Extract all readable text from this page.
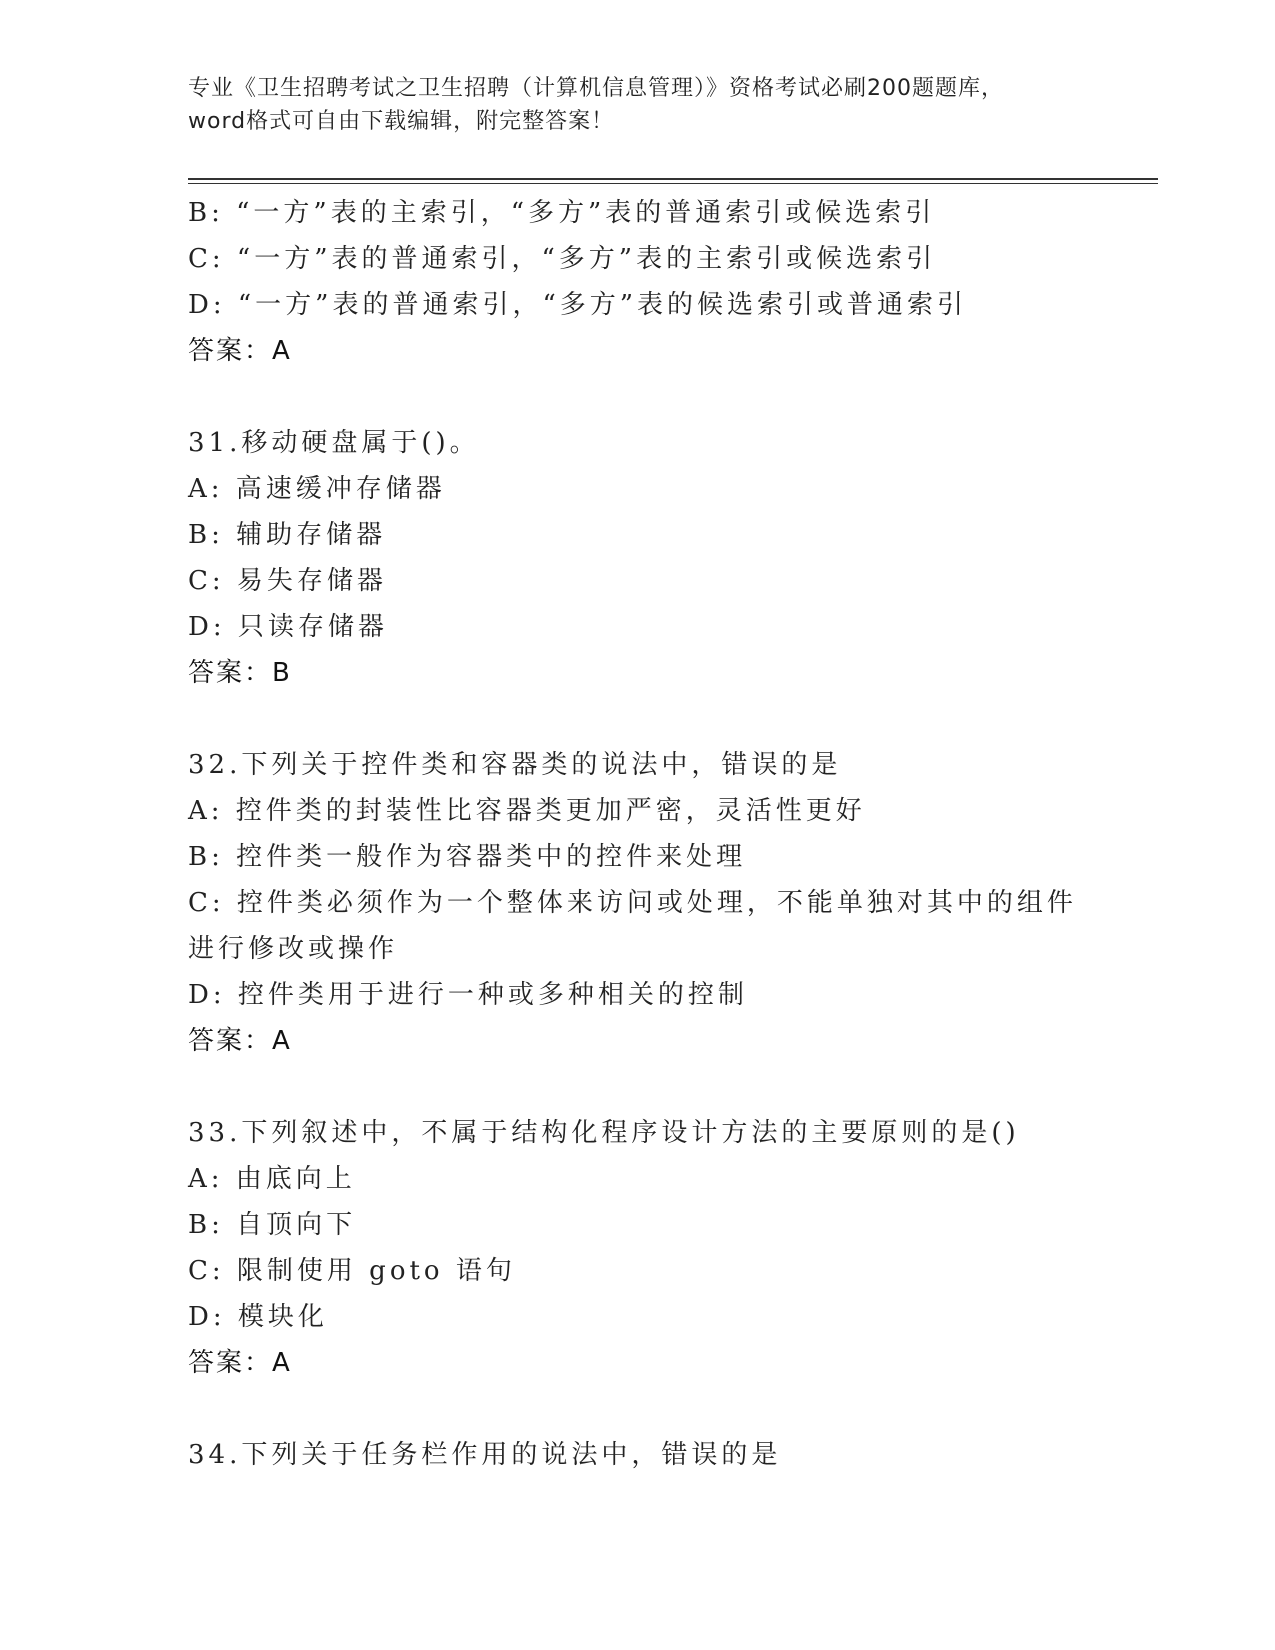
专业《卫生招聘考试之卫生招聘（计算机信息管理）》资格考试必刷200题题库，
word格式可自由下载编辑，附完整答案！
B: “一方”表的主索引，“多方”表的普通索引或候选索引
C: “一方”表的普通索引，“多方”表的主索引或候选索引
D: “一方”表的普通索引，“多方”表的候选索引或普通索引
答案：A
31.移动硬盘属于()。
A: 高速缓冲存储器
B: 辅助存储器
C: 易失存储器
D: 只读存储器
答案：B
32.下列关于控件类和容器类的说法中，错误的是
A: 控件类的封装性比容器类更加严密，灵活性更好
B: 控件类一般作为容器类中的控件来处理
C: 控件类必须作为一个整体来访问或处理，不能单独对其中的组件进行修改或操作
D: 控件类用于进行一种或多种相关的控制
答案：A
33.下列叙述中，不属于结构化程序设计方法的主要原则的是()
A: 由底向上
B: 自顶向下
C: 限制使用 goto 语句
D: 模块化
答案：A
34.下列关于任务栏作用的说法中，错误的是
